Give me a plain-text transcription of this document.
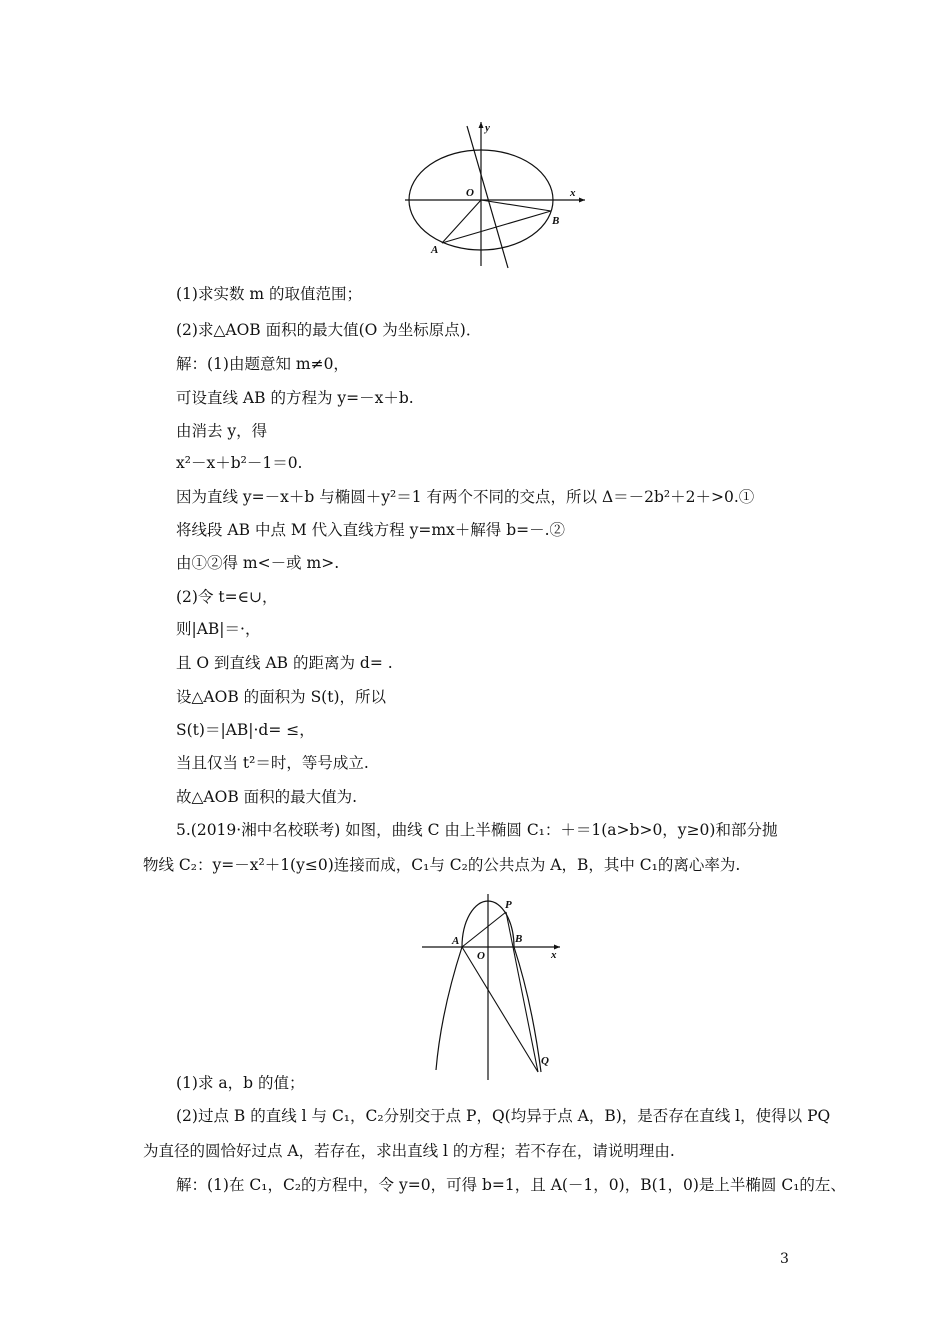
y
x
O
B
A
(1)求实数 m 的取值范围；
(2)求△AOB 面积的最大值(O 为坐标原点)．
解：(1)由题意知 m≠0，
可设直线 AB 的方程为 y=－x＋b.
由消去 y，得
x²－x＋b²－1＝0.
因为直线 y=－x＋b 与椭圆＋y²＝1 有两个不同的交点，所以 Δ＝－2b²＋2＋>0.①
将线段 AB 中点 M 代入直线方程 y=mx＋解得 b=－.②
由①②得 m<－或 m>.
(2)令 t=∈∪，
则|AB|＝·，
且 O 到直线 AB 的距离为 d= .
设△AOB 的面积为 S(t)，所以
S(t)＝|AB|·d= ≤，
当且仅当 t²＝时，等号成立.
故△AOB 面积的最大值为.
5.(2019·湘中名校联考) 如图，曲线 C 由上半椭圆 C₁：＋＝1(a>b>0，y≥0)和部分抛
物线 C₂：y=－x²＋1(y≤0)连接而成，C₁与 C₂的公共点为 A，B，其中 C₁的离心率为.
P
A	B
O	x
Q
(1)求 a，b 的值；
(2)过点 B 的直线 l 与 C₁，C₂分别交于点 P，Q(均异于点 A，B)，是否存在直线 l，使得以 PQ
为直径的圆恰好过点 A，若存在，求出直线 l 的方程；若不存在，请说明理由.
解：(1)在 C₁，C₂的方程中，令 y=0，可得 b=1，且 A(－1，0)，B(1，0)是上半椭圆 C₁的左、
3
